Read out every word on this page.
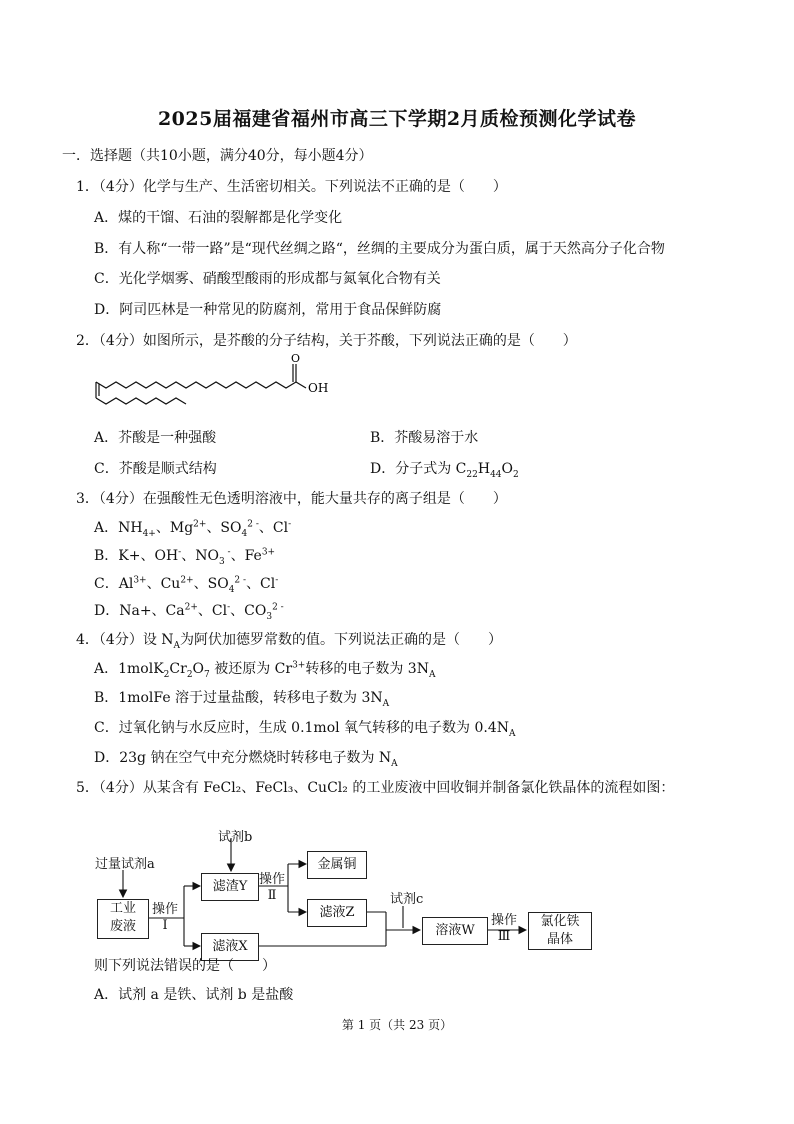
2025届福建省福州市高三下学期2月质检预测化学试卷
一．选择题（共10小题，满分40分，每小题4分）
1．（4分）化学与生产、生活密切相关。下列说法不正确的是（　　）
A．煤的干馏、石油的裂解都是化学变化
B．有人称“一带一路”是“现代丝绸之路“，丝绸的主要成分为蛋白质，属于天然高分子化合物
C．光化学烟雾、硝酸型酸雨的形成都与氮氧化合物有关
D．阿司匹林是一种常见的防腐剂，常用于食品保鲜防腐
2．（4分）如图所示，是芥酸的分子结构，关于芥酸，下列说法正确的是（　　）
O
OH
A．芥酸是一种强酸	B．芥酸易溶于水
C．芥酸是顺式结构	D．分子式为 $C_{22}H_{44}O_2$
3．（4分）在强酸性无色透明溶液中，能大量共存的离子组是（　　）
A．$NH_{4+}$、$Mg^{2+}$、$SO_4^{2 -}$、Cl-
B．K+、OH-、$NO_3$ -、$Fe^{3+}$
C．$Al^{3+}$、$Cu^{2+}$、$SO_4^{2 -}$、Cl-
D．Na+、$Ca^{2+}$、Cl-、$CO_3^{2 -}$
4．（4分）设 $N_A$为阿伏加德罗常数的值。下列说法正确的是（　　）
A．$1molK_2Cr_2O_7$ 被还原为 $Cr^{3+}$转移的电子数为 $3N_A$
B．1molFe 溶于过量盐酸，转移电子数为 $3N_A$
C．过氧化钠与水反应时，生成 0.1mol 氧气转移的电子数为 $0.4N_A$
D．23g 钠在空气中充分燃烧时转移电子数为 $N_A$
5．（4分）从某含有 FeCl₂、FeCl₃、CuCl₂ 的工业废液中回收铜并制备氯化铁晶体的流程如图：
过量试剂a
试剂b
试剂c
工业
废液
操作
Ⅰ
滤渣Y
滤液X
操作
Ⅱ
金属铜
滤液Z
溶液W
操作
Ⅲ
氯化铁
晶体
则下列说法错误的是（　　）
A．试剂 a 是铁、试剂 b 是盐酸
第 1 页（共 23 页）
